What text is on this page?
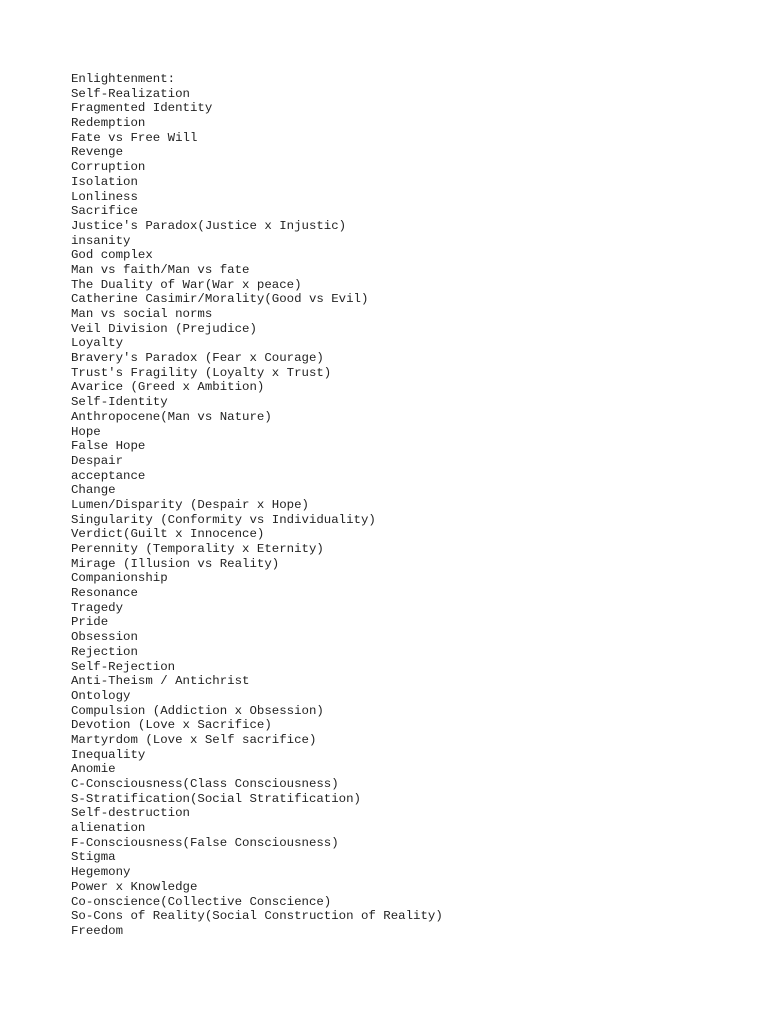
Enlightenment:
Self-Realization
Fragmented Identity
Redemption
Fate vs Free Will
Revenge
Corruption
Isolation
Lonliness
Sacrifice
Justice's Paradox(Justice x Injustic)
insanity
God complex
Man vs faith/Man vs fate
The Duality of War(War x peace)
Catherine Casimir/Morality(Good vs Evil)
Man vs social norms
Veil Division (Prejudice)
Loyalty
Bravery's Paradox (Fear x Courage)
Trust's Fragility (Loyalty x Trust)
Avarice (Greed x Ambition)
Self-Identity
Anthropocene(Man vs Nature)
Hope
False Hope
Despair
acceptance
Change
Lumen/Disparity (Despair x Hope)
Singularity (Conformity vs Individuality)
Verdict(Guilt x Innocence)
Perennity (Temporality x Eternity)
Mirage (Illusion vs Reality)
Companionship
Resonance
Tragedy
Pride
Obsession
Rejection
Self-Rejection
Anti-Theism / Antichrist
Ontology
Compulsion (Addiction x Obsession)
Devotion (Love x Sacrifice)
Martyrdom (Love x Self sacrifice)
Inequality
Anomie
C-Consciousness(Class Consciousness)
S-Stratification(Social Stratification)
Self-destruction
alienation
F-Consciousness(False Consciousness)
Stigma
Hegemony
Power x Knowledge
Co-onscience(Collective Conscience)
So-Cons of Reality(Social Construction of Reality)
Freedom
